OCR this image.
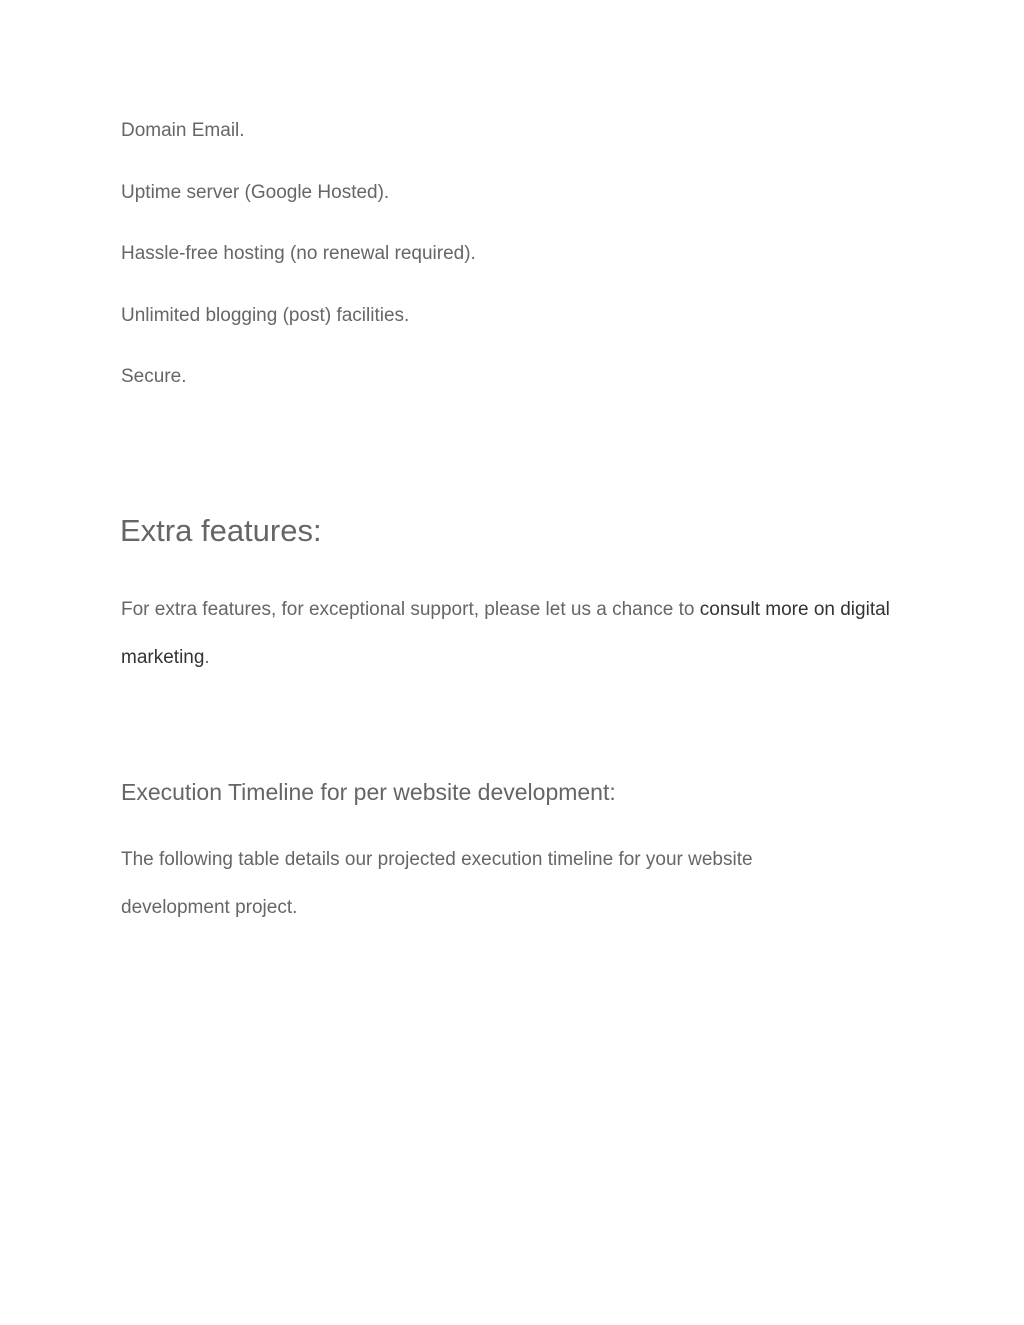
Domain Email.
Uptime server (Google Hosted).
Hassle-free hosting (no renewal required).
Unlimited blogging (post) facilities.
Secure.
Extra features:

For extra features, for exceptional support, please let us a chance to consult more on digital marketing.

Execution Timeline for per website development:

The following table details our projected execution timeline for your website development project.
